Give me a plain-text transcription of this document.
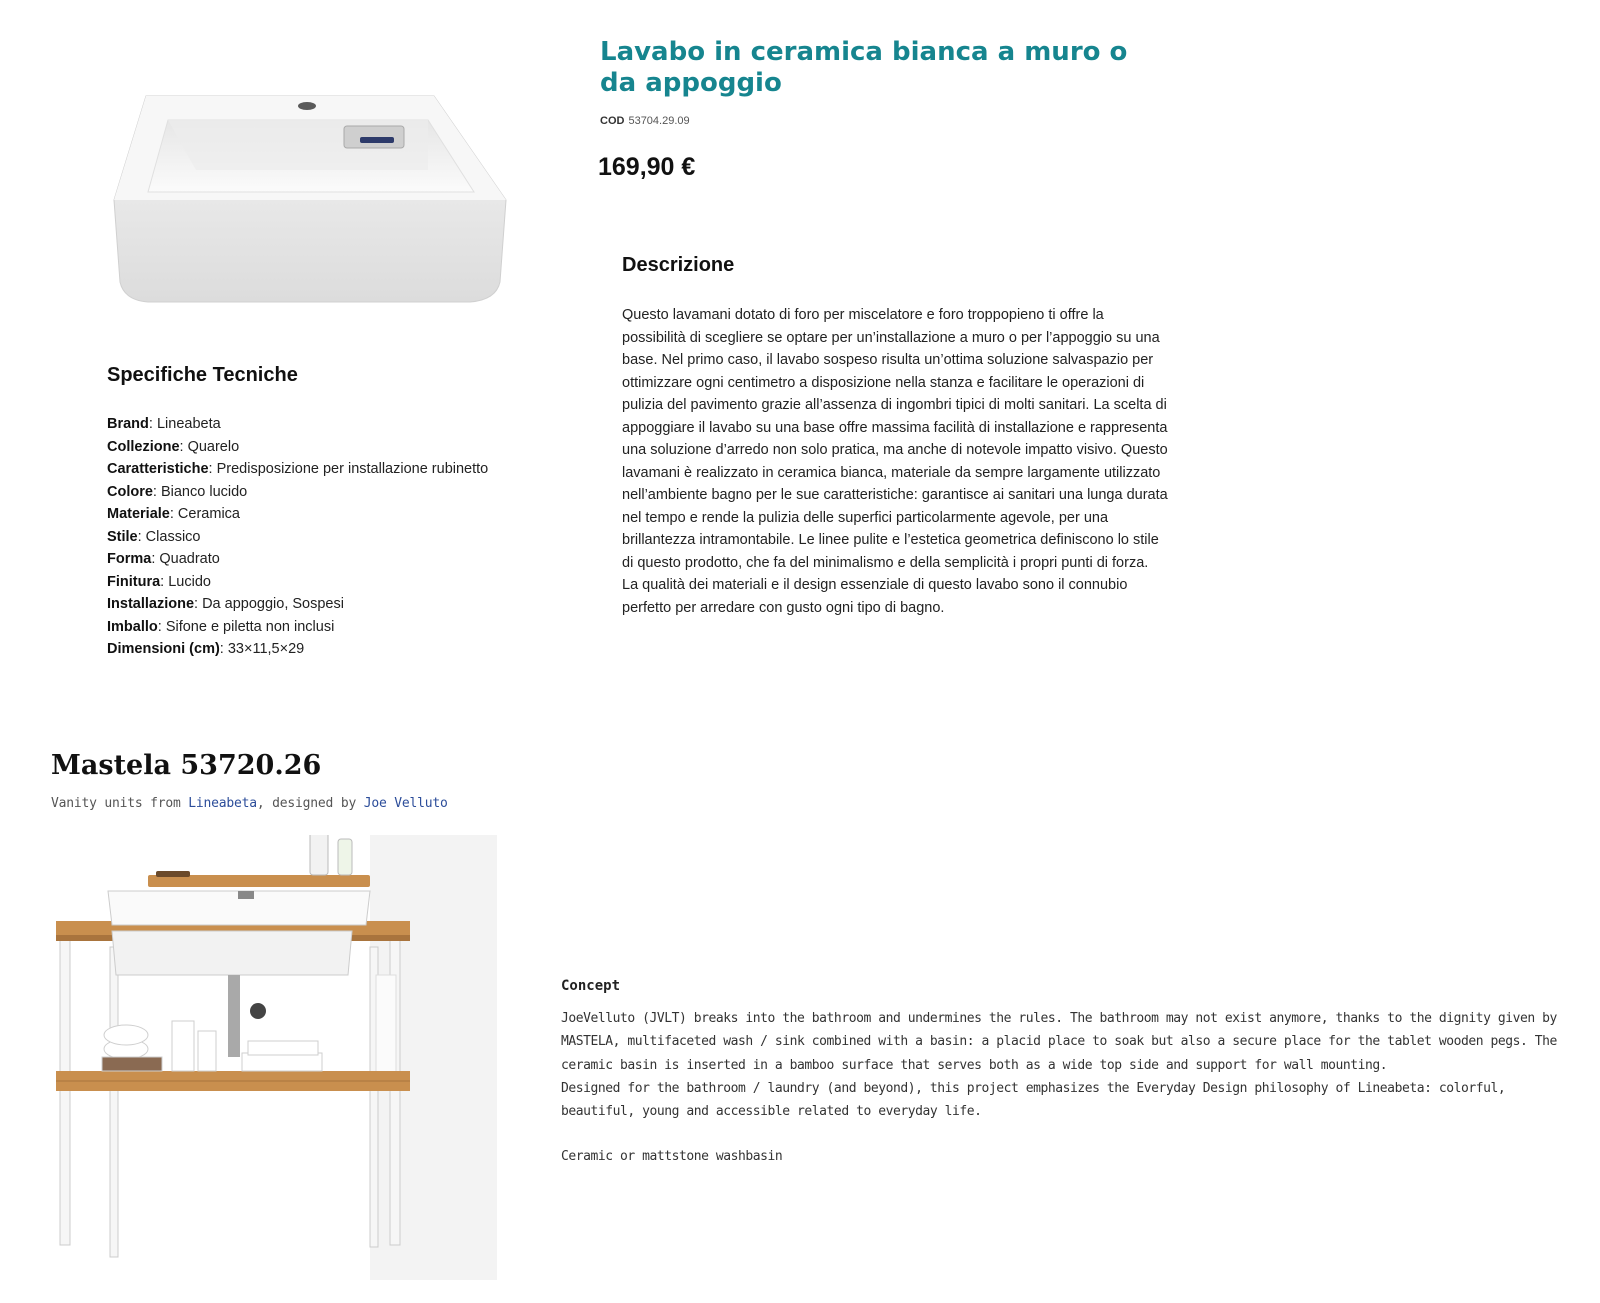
Lavabo in ceramica bianca a muro o da appoggio
COD 53704.29.09
169,90 €
Descrizione

Questo lavamani dotato di foro per miscelatore e foro troppopieno ti offre la possibilità di scegliere se optare per un’installazione a muro o per l’appoggio su una base. Nel primo caso, il lavabo sospeso risulta un’ottima soluzione salvaspazio per ottimizzare ogni centimetro a disposizione nella stanza e facilitare le operazioni di pulizia del pavimento grazie all’assenza di ingombri tipici di molti sanitari. La scelta di appoggiare il lavabo su una base offre massima facilità di installazione e rappresenta una soluzione d’arredo non solo pratica, ma anche di notevole impatto visivo. Questo lavamani è realizzato in ceramica bianca, materiale da sempre largamente utilizzato nell’ambiente bagno per le sue caratteristiche: garantisce ai sanitari una lunga durata nel tempo e rende la pulizia delle superfici particolarmente agevole, per una brillantezza intramontabile. Le linee pulite e l’estetica geometrica definiscono lo stile di questo prodotto, che fa del minimalismo e della semplicità i propri punti di forza. La qualità dei materiali e il design essenziale di questo lavabo sono il connubio perfetto per arredare con gusto ogni tipo di bagno.

Specifiche Tecniche
Brand: Lineabeta
Collezione: Quarelo
Caratteristiche: Predisposizione per installazione rubinetto
Colore: Bianco lucido
Materiale: Ceramica
Stile: Classico
Forma: Quadrato
Finitura: Lucido
Installazione: Da appoggio, Sospesi
Imballo: Sifone e piletta non inclusi
Dimensioni (cm): 33×11,5×29
Mastela 53720.26
Vanity units from Lineabeta, designed by Joe Velluto
Concept
JoeVelluto (JVLT) breaks into the bathroom and undermines the rules. The bathroom may not exist anymore, thanks to the dignity given by MASTELA, multifaceted wash / sink combined with a basin: a placid place to soak but also a secure place for the tablet wooden pegs. The ceramic basin is inserted in a bamboo surface that serves both as a wide top side and support for wall mounting.
Designed for the bathroom / laundry (and beyond), this project emphasizes the Everyday Design philosophy of Lineabeta: colorful, beautiful, young and accessible related to everyday life.
Ceramic or mattstone washbasin
